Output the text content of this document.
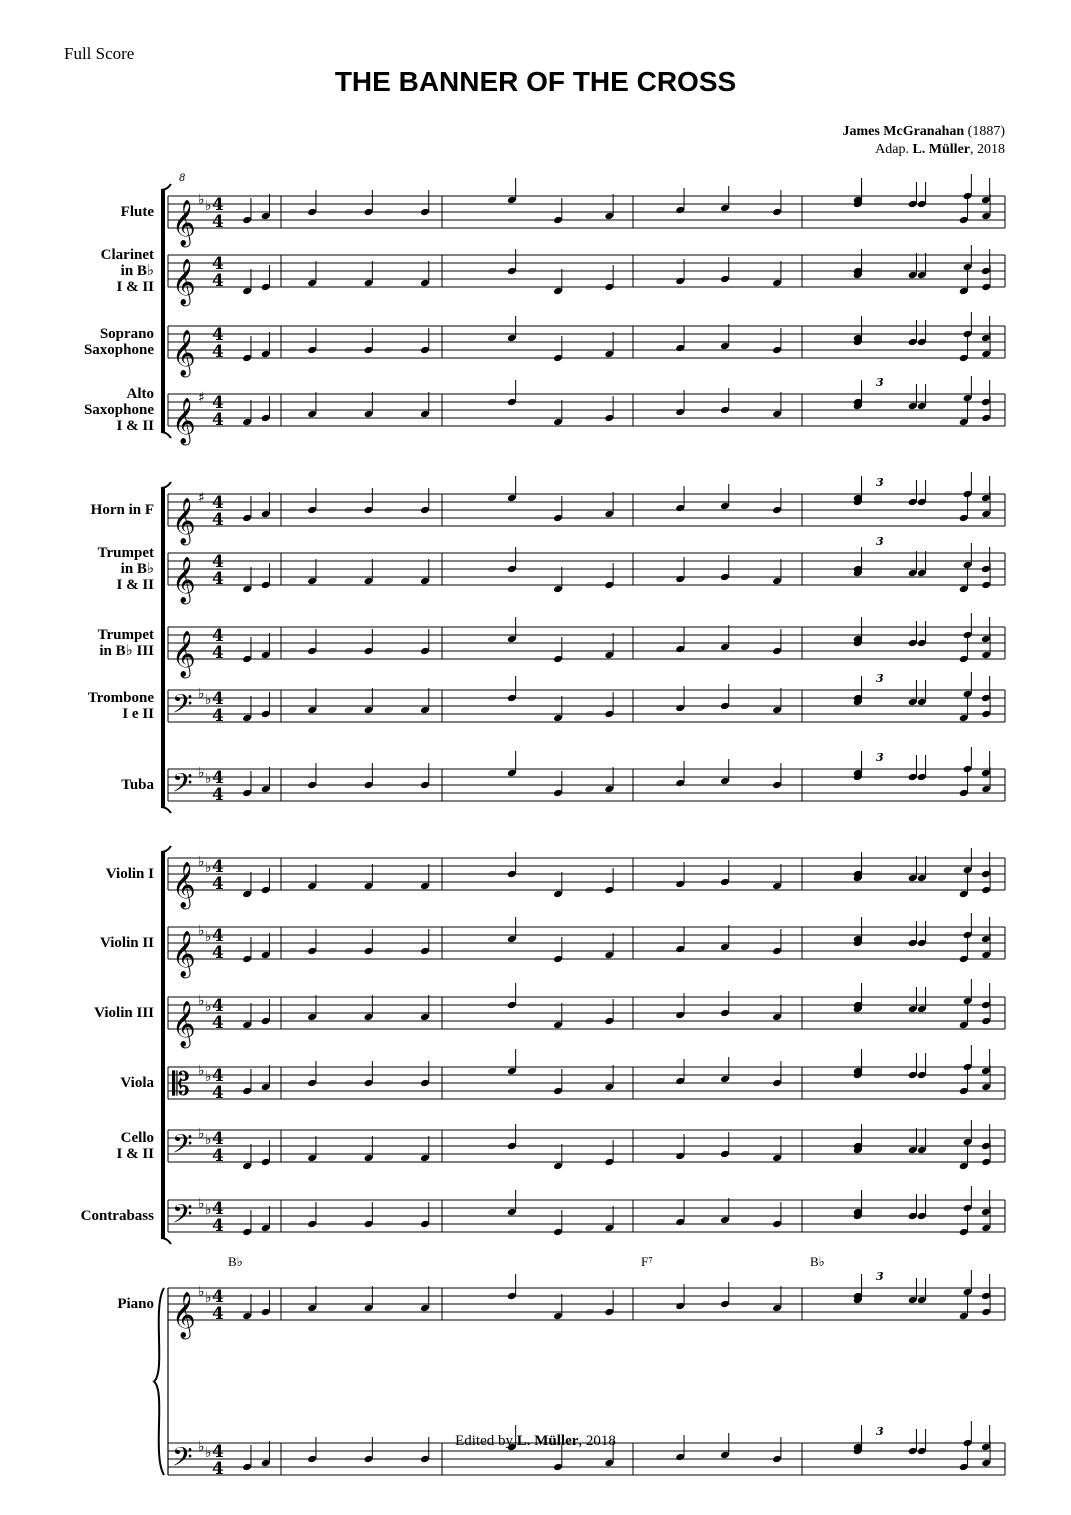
Full Score
THE BANNER OF THE CROSS
James McGranahan (1887)
Adap. L. Müller, 2018
𝄞 ♭ ♭ 4
4
𝄞 4
4
𝄞 4
4
𝄞 ♯ 4
4
𝄞 ♯ 4
4
𝄞 4
4
𝄞 4
4
𝄢 ♭ ♭ 4
4
𝄢 ♭ ♭ 4
4
𝄞 ♭ ♭ 4
4
𝄞 ♭ ♭ 4
4
𝄞 ♭ ♭ 4
4
𝄡 ♭ ♭ 4
4
𝄢 ♭ ♭ 4
4
𝄢 ♭ ♭ 4
4
𝄞 ♭ ♭ 4
4
𝄢 ♭ ♭ 4
4
8
3
3
3
3
3
3
3
Flute
Clarinet
in B♭
I & II
Soprano
Saxophone
Alto
Saxophone
I & II
Horn in F
Trumpet
in B♭
I & II
Trumpet
in B♭ III
Trombone
I e II
Tuba
Violin I
Violin II
Violin III
Viola
Cello
I & II
Contrabass
Piano
B♭	F⁷	B♭
Edited by L. Müller, 2018
